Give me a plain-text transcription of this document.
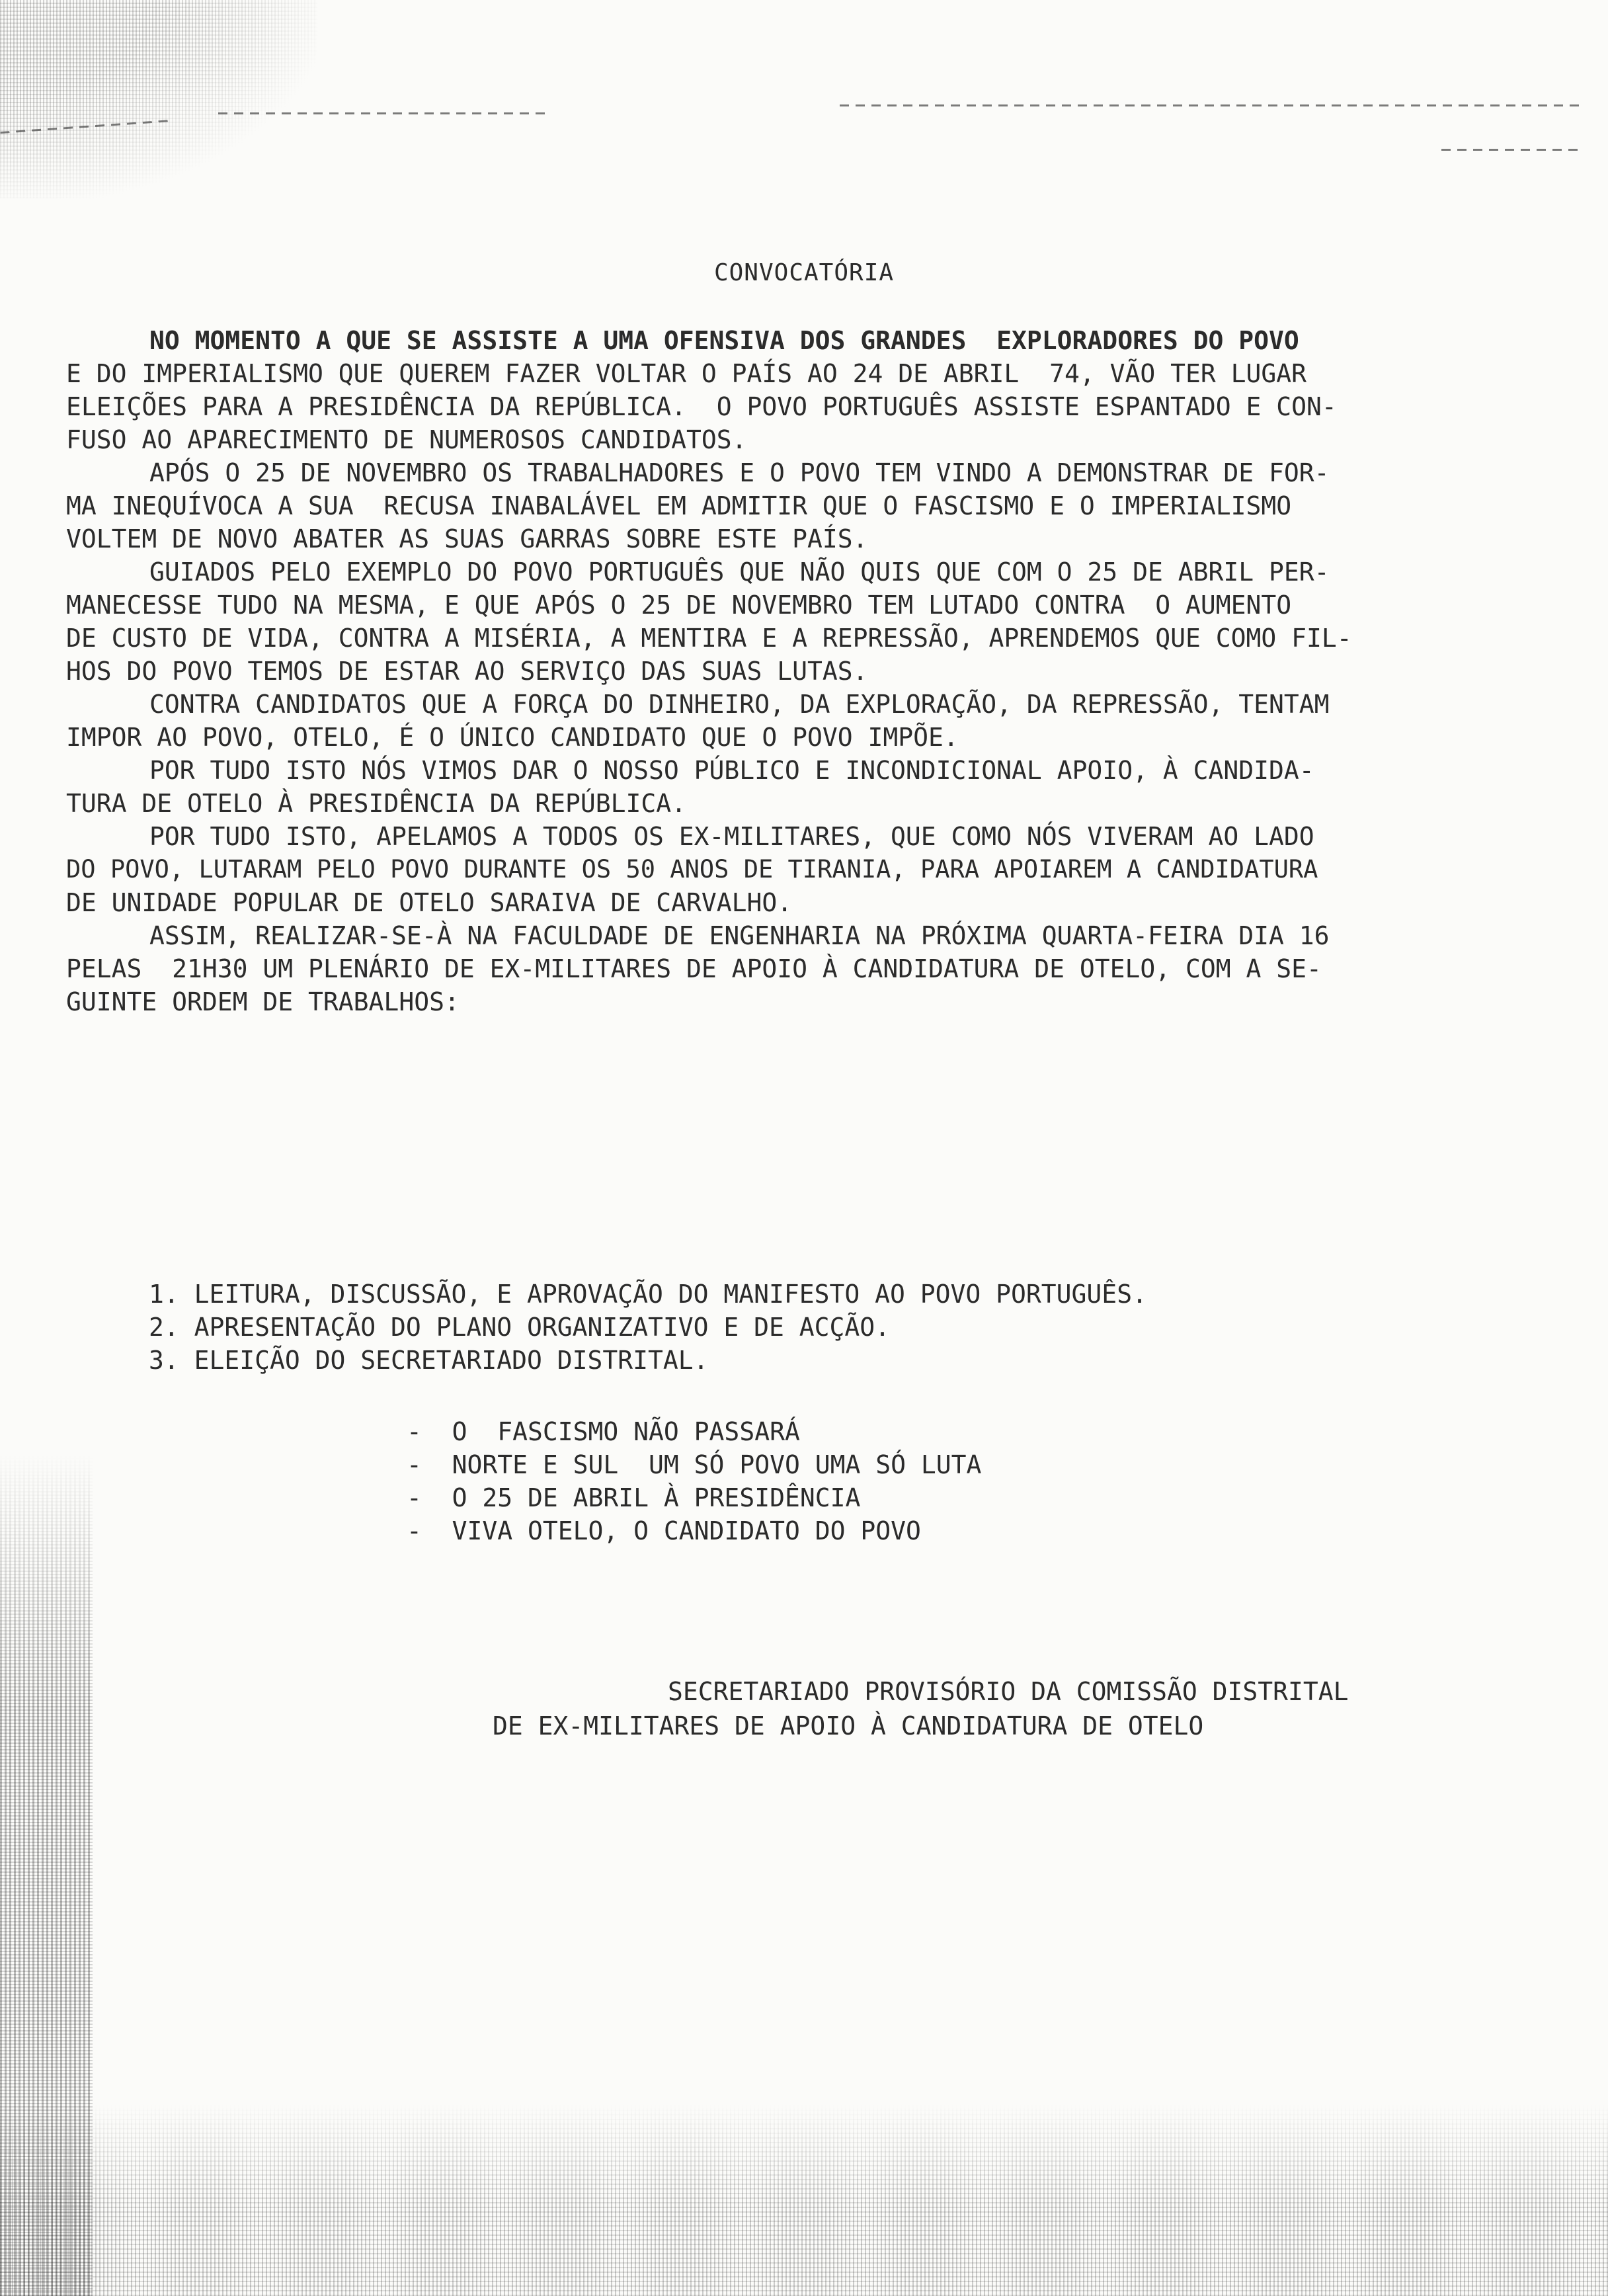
CONVOCATÓRIA
NO MOMENTO A QUE SE ASSISTE A UMA OFENSIVA DOS GRANDES  EXPLORADORES DO POVO
E DO IMPERIALISMO QUE QUEREM FAZER VOLTAR O PAÍS AO 24 DE ABRIL  74, VÃO TER LUGAR
ELEIÇÕES PARA A PRESIDÊNCIA DA REPÚBLICA.  O POVO PORTUGUÊS ASSISTE ESPANTADO E CON-
FUSO AO APARECIMENTO DE NUMEROSOS CANDIDATOS.
APÓS O 25 DE NOVEMBRO OS TRABALHADORES E O POVO TEM VINDO A DEMONSTRAR DE FOR-
MA INEQUÍVOCA A SUA  RECUSA INABALÁVEL EM ADMITIR QUE O FASCISMO E O IMPERIALISMO
VOLTEM DE NOVO ABATER AS SUAS GARRAS SOBRE ESTE PAÍS.
GUIADOS PELO EXEMPLO DO POVO PORTUGUÊS QUE NÃO QUIS QUE COM O 25 DE ABRIL PER-
MANECESSE TUDO NA MESMA, E QUE APÓS O 25 DE NOVEMBRO TEM LUTADO CONTRA  O AUMENTO
DE CUSTO DE VIDA, CONTRA A MISÉRIA, A MENTIRA E A REPRESSÃO, APRENDEMOS QUE COMO FIL-
HOS DO POVO TEMOS DE ESTAR AO SERVIÇO DAS SUAS LUTAS.
CONTRA CANDIDATOS QUE A FORÇA DO DINHEIRO, DA EXPLORAÇÃO, DA REPRESSÃO, TENTAM
IMPOR AO POVO, OTELO, É O ÚNICO CANDIDATO QUE O POVO IMPÕE.
POR TUDO ISTO NÓS VIMOS DAR O NOSSO PÚBLICO E INCONDICIONAL APOIO, À CANDIDA-
TURA DE OTELO À PRESIDÊNCIA DA REPÚBLICA.
POR TUDO ISTO, APELAMOS A TODOS OS EX-MILITARES, QUE COMO NÓS VIVERAM AO LADO
DO POVO, LUTARAM PELO POVO DURANTE OS 50 ANOS DE TIRANIA, PARA APOIAREM A CANDIDATURA
DE UNIDADE POPULAR DE OTELO SARAIVA DE CARVALHO.
ASSIM, REALIZAR-SE-À NA FACULDADE DE ENGENHARIA NA PRÓXIMA QUARTA-FEIRA DIA 16
PELAS  21H30 UM PLENÁRIO DE EX-MILITARES DE APOIO À CANDIDATURA DE OTELO, COM A SE-
GUINTE ORDEM DE TRABALHOS:
1. LEITURA, DISCUSSÃO, E APROVAÇÃO DO MANIFESTO AO POVO PORTUGUÊS.
2. APRESENTAÇÃO DO PLANO ORGANIZATIVO E DE ACÇÃO.
3. ELEIÇÃO DO SECRETARIADO DISTRITAL.
-  O  FASCISMO NÃO PASSARÁ
-  NORTE E SUL  UM SÓ POVO UMA SÓ LUTA
-  O 25 DE ABRIL À PRESIDÊNCIA
-  VIVA OTELO, O CANDIDATO DO POVO
SECRETARIADO PROVISÓRIO DA COMISSÃO DISTRITAL
DE EX-MILITARES DE APOIO À CANDIDATURA DE OTELO
